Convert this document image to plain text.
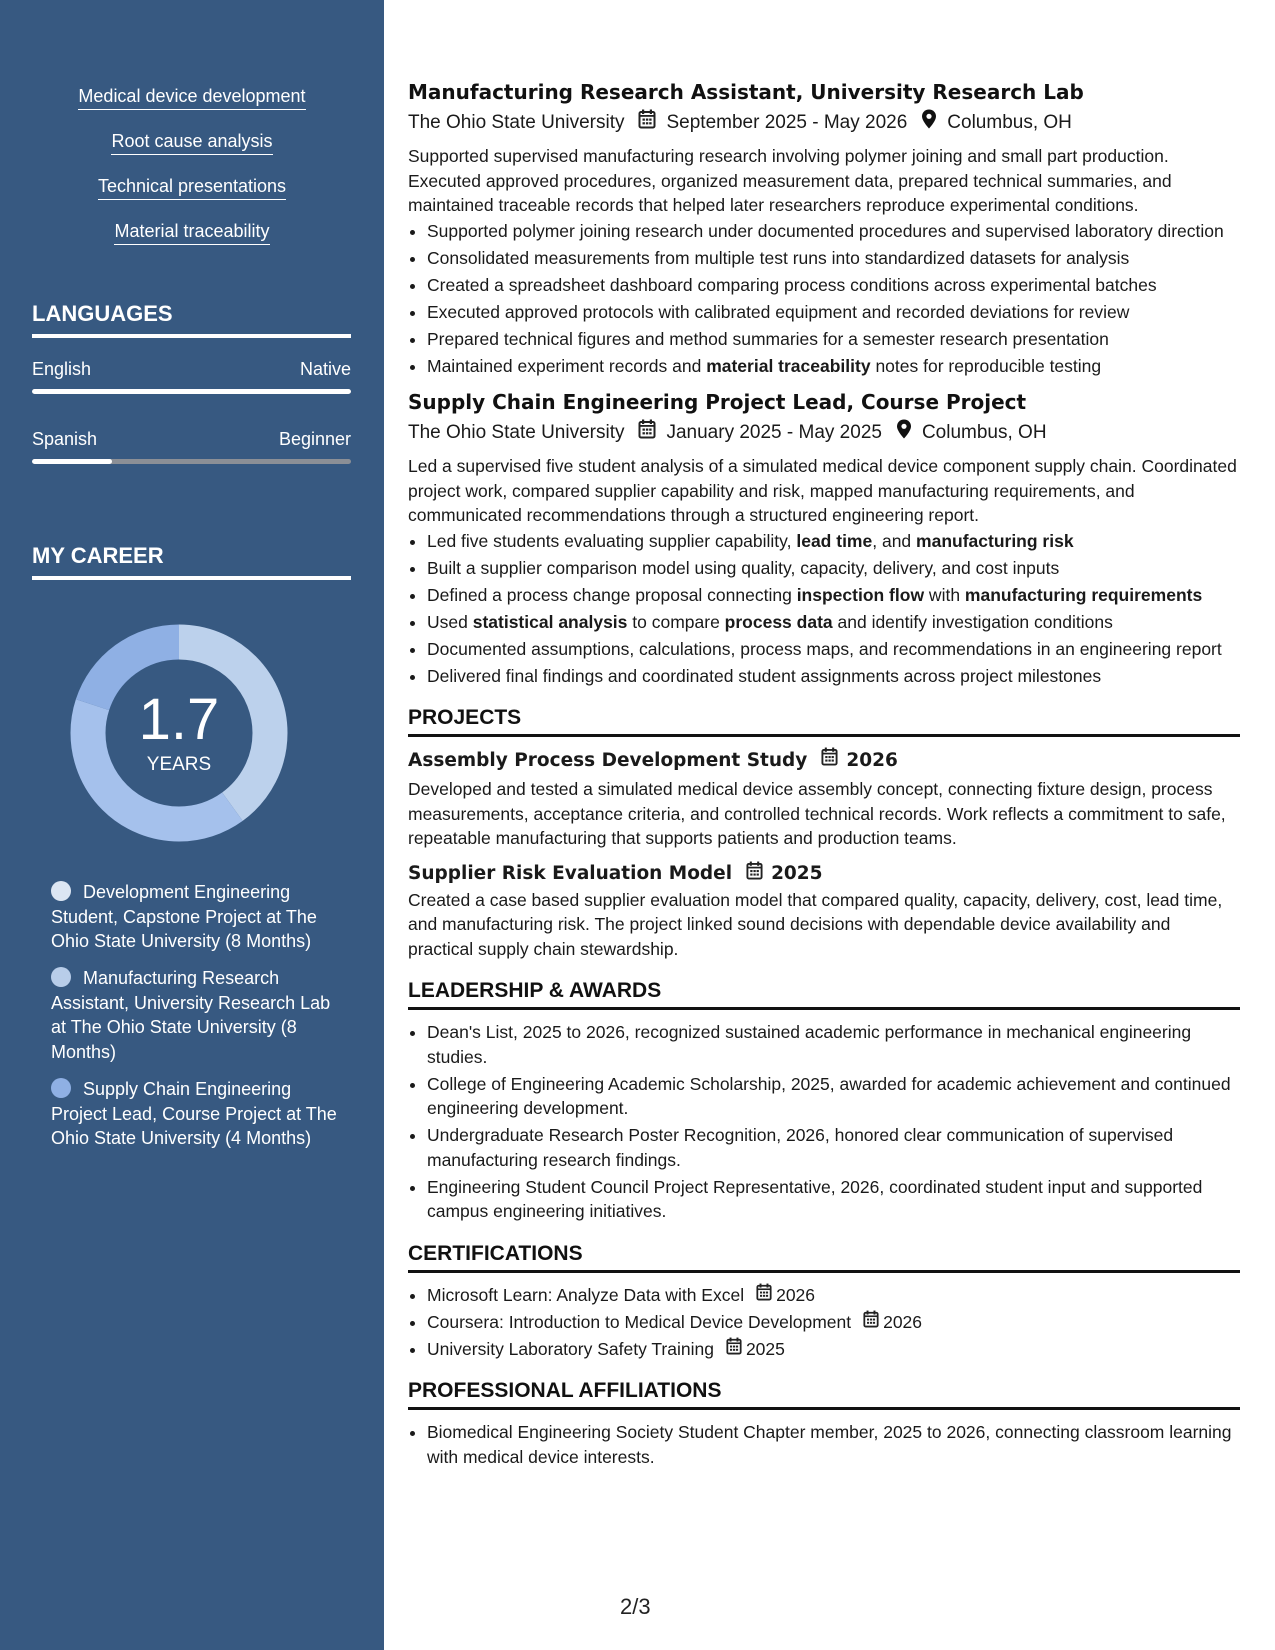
Medical device development
Root cause analysis
Technical presentations
Material traceability
LANGUAGES
English	Native
Spanish	Beginner
MY CAREER
1.7
YEARS
Development Engineering Student, Capstone Project at The Ohio State University (8 Months)
Manufacturing Research Assistant, University Research Lab at The Ohio State University (8 Months)
Supply Chain Engineering Project Lead, Course Project at The Ohio State University (4 Months)
Manufacturing Research Assistant, University Research Lab
The Ohio State University September 2025 - May 2026 Columbus, OH

Supported supervised manufacturing research involving polymer joining and small part production. Executed approved procedures, organized measurement data, prepared technical summaries, and maintained traceable records that helped later researchers reproduce experimental conditions.

• Supported polymer joining research under documented procedures and supervised laboratory direction
• Consolidated measurements from multiple test runs into standardized datasets for analysis
• Created a spreadsheet dashboard comparing process conditions across experimental batches
• Executed approved protocols with calibrated equipment and recorded deviations for review
• Prepared technical figures and method summaries for a semester research presentation
• Maintained experiment records and material traceability notes for reproducible testing
Supply Chain Engineering Project Lead, Course Project
The Ohio State University January 2025 - May 2025 Columbus, OH

Led a supervised five student analysis of a simulated medical device component supply chain. Coordinated project work, compared supplier capability and risk, mapped manufacturing requirements, and communicated recommendations through a structured engineering report.

• Led five students evaluating supplier capability, lead time, and manufacturing risk
• Built a supplier comparison model using quality, capacity, delivery, and cost inputs
• Defined a process change proposal connecting inspection flow with manufacturing requirements
• Used statistical analysis to compare process data and identify investigation conditions
• Documented assumptions, calculations, process maps, and recommendations in an engineering report
• Delivered final findings and coordinated student assignments across project milestones
PROJECTS
Assembly Process Development Study 2026

Developed and tested a simulated medical device assembly concept, connecting fixture design, process measurements, acceptance criteria, and controlled technical records. Work reflects a commitment to safe, repeatable manufacturing that supports patients and production teams.

Supplier Risk Evaluation Model 2025

Created a case based supplier evaluation model that compared quality, capacity, delivery, cost, lead time, and manufacturing risk. The project linked sound decisions with dependable device availability and practical supply chain stewardship.

LEADERSHIP & AWARDS
• Dean's List, 2025 to 2026, recognized sustained academic performance in mechanical engineering studies.
• College of Engineering Academic Scholarship, 2025, awarded for academic achievement and continued engineering development.
• Undergraduate Research Poster Recognition, 2026, honored clear communication of supervised manufacturing research findings.
• Engineering Student Council Project Representative, 2026, coordinated student input and supported campus engineering initiatives.
CERTIFICATIONS
• Microsoft Learn: Analyze Data with Excel 2026
• Coursera: Introduction to Medical Device Development 2026
• University Laboratory Safety Training 2025
PROFESSIONAL AFFILIATIONS
• Biomedical Engineering Society Student Chapter member, 2025 to 2026, connecting classroom learning with medical device interests.
2/3
